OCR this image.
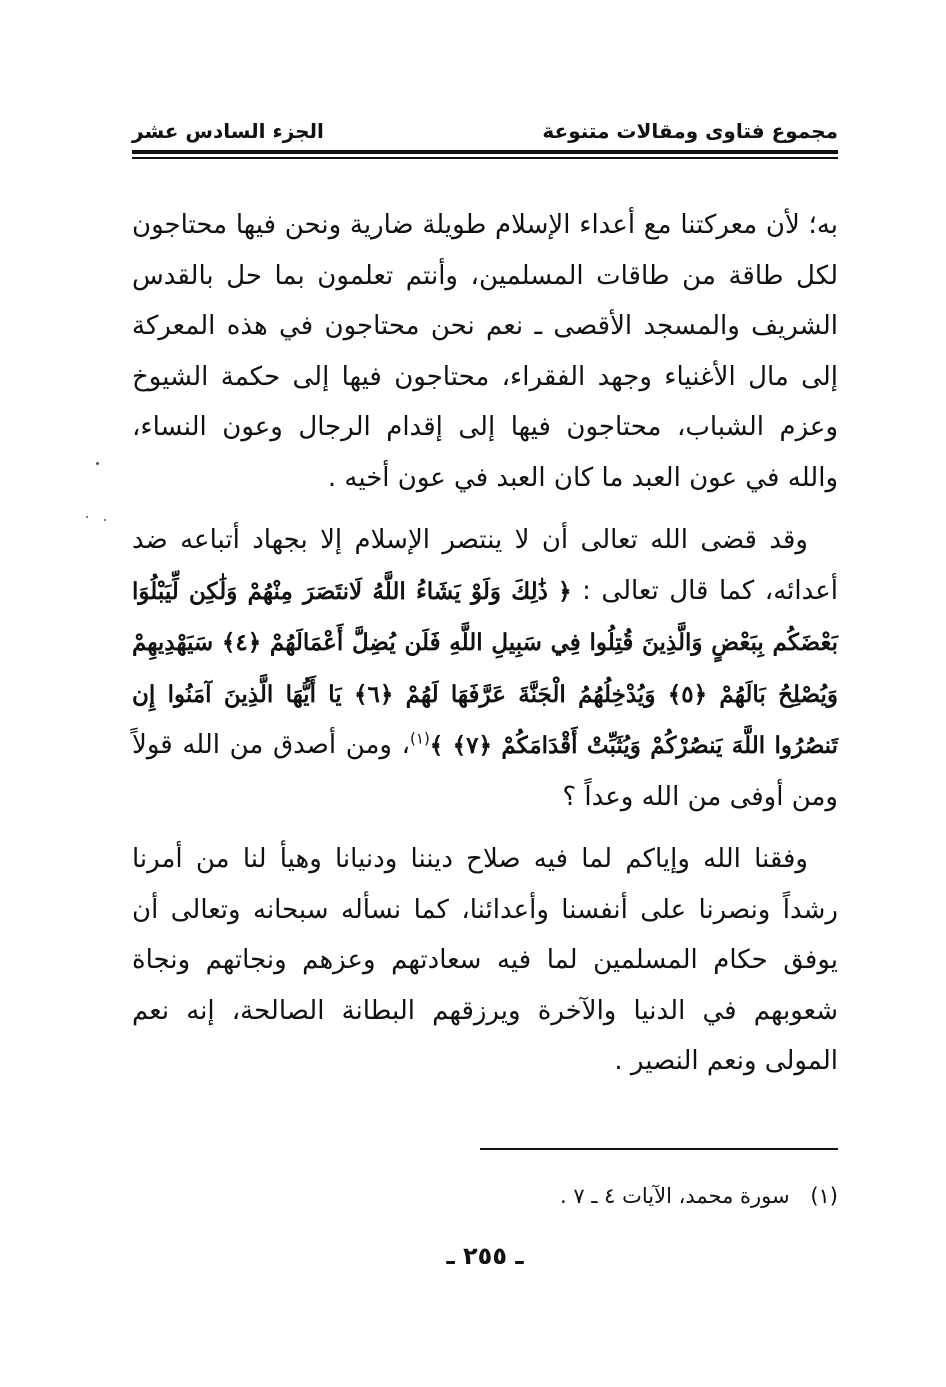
مجموع فتاوى ومقالات متنوعة
الجزء السادس عشر

به؛ لأن معركتنا مع أعداء الإسلام طويلة ضارية ونحن فيها محتاجون لكل طاقة من طاقات المسلمين، وأنتم تعلمون بما حل بالقدس الشريف والمسجد الأقصى ـ نعم نحن محتاجون في هذه المعركة إلى مال الأغنياء وجهد الفقراء، محتاجون فيها إلى حكمة الشيوخ وعزم الشباب، محتاجون فيها إلى إقدام الرجال وعون النساء، والله في عون العبد ما كان العبد في عون أخيه .

وقد قضى الله تعالى أن لا ينتصر الإسلام إلا بجهاد أتباعه ضد أعدائه، كما قال تعالى : ﴿ ذَٰلِكَ وَلَوْ يَشَاءُ اللَّهُ لَانتَصَرَ مِنْهُمْ وَلَٰكِن لِّيَبْلُوَا بَعْضَكُم بِبَعْضٍ وَالَّذِينَ قُتِلُوا فِي سَبِيلِ اللَّهِ فَلَن يُضِلَّ أَعْمَالَهُمْ ﴿٤﴾ سَيَهْدِيهِمْ وَيُصْلِحُ بَالَهُمْ ﴿٥﴾ وَيُدْخِلُهُمُ الْجَنَّةَ عَرَّفَهَا لَهُمْ ﴿٦﴾ يَا أَيُّهَا الَّذِينَ آمَنُوا إِن تَنصُرُوا اللَّهَ يَنصُرْكُمْ وَيُثَبِّتْ أَقْدَامَكُمْ ﴿٧﴾ ﴾$^{(١)}$، ومن أصدق من الله قولاً ومن أوفى من الله وعداً ؟

وفقنا الله وإياكم لما فيه صلاح ديننا ودنيانا وهيأ لنا من أمرنا رشداً ونصرنا على أنفسنا وأعدائنا، كما نسأله سبحانه وتعالى أن يوفق حكام المسلمين لما فيه سعادتهم وعزهم ونجاتهم ونجاة شعوبهم في الدنيا والآخرة ويرزقهم البطانة الصالحة، إنه نعم المولى ونعم النصير .

(١) سورة محمد، الآيات ٤ ـ ٧ .
ـ ٢٥٥ ـ
